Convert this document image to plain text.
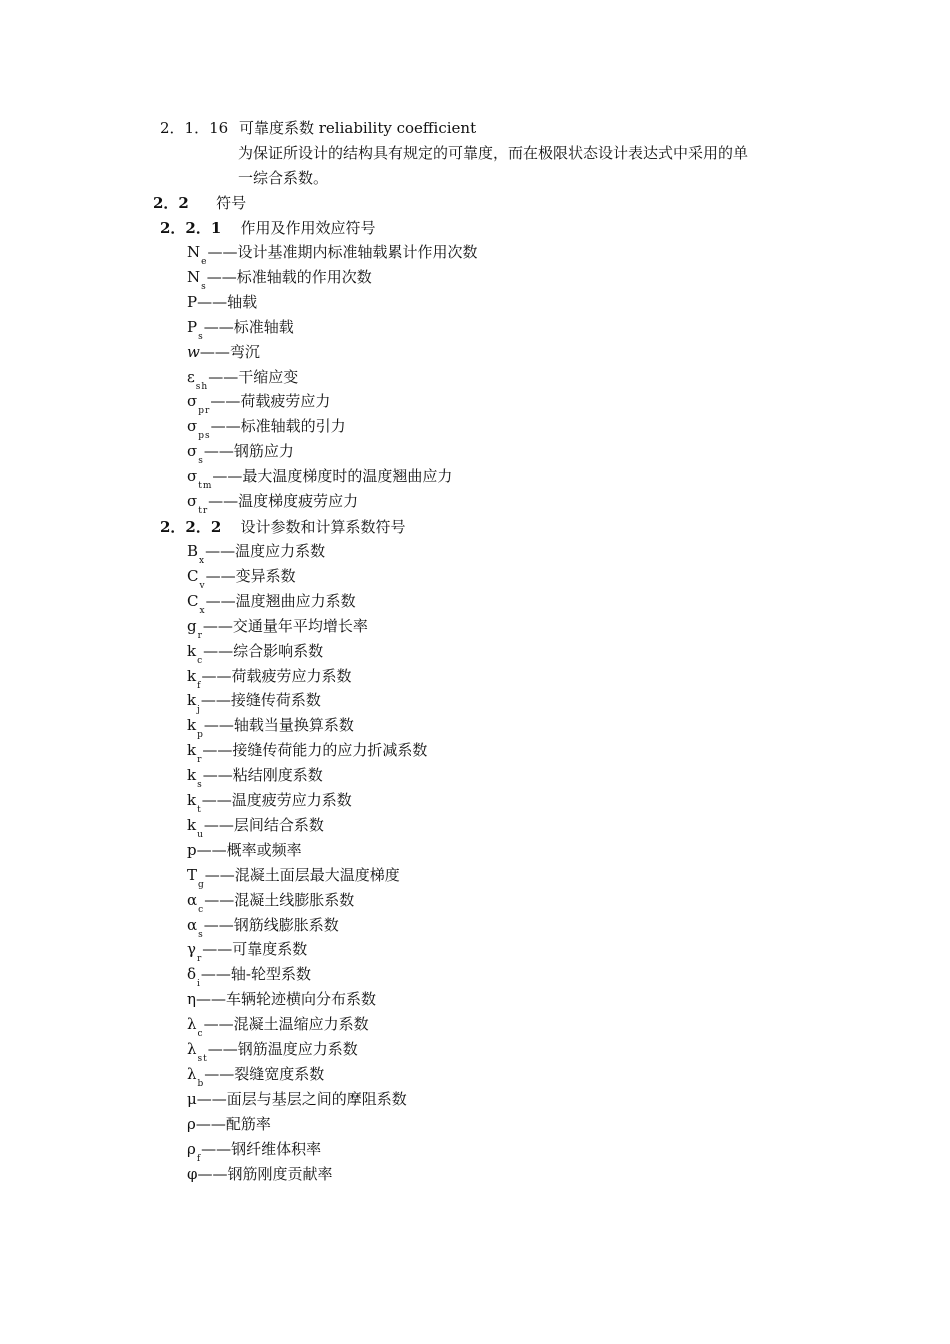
2．1．16 可靠度系数 reliability coefficient
为保证所设计的结构具有规定的可靠度，而在极限状态设计表达式中采用的单
一综合系数。
2．2 符号
2．2．1 作用及作用效应符号
$N_e——$设计基准期内标准轴载累计作用次数
$N_s——$标准轴载的作用次数
P——轴载
$P_s——$标准轴载
w——弯沉
$\varepsilon_{sh}——$干缩应变
$\sigma_{pr}——$荷载疲劳应力
$\sigma_{ps}——$标准轴载的引力
$\sigma_s——$钢筋应力
$\sigma_{tm}——$最大温度梯度时的温度翘曲应力
$\sigma_{tr}——$温度梯度疲劳应力
2．2．2 设计参数和计算系数符号
$B_x——$温度应力系数
$C_v——$变异系数
$C_x——$温度翘曲应力系数
$g_r——$交通量年平均增长率
$k_c——$综合影响系数
$k_f——$荷载疲劳应力系数
$k_j——$接缝传荷系数
$k_p——$轴载当量换算系数
$k_r——$接缝传荷能力的应力折减系数
$k_s——$粘结刚度系数
$k_t——$温度疲劳应力系数
$k_u——$层间结合系数
p——概率或频率
$T_g——$混凝土面层最大温度梯度
$\alpha_c——$混凝土线膨胀系数
$\alpha_s——$钢筋线膨胀系数
$\gamma_r——$可靠度系数
$\delta_i——$轴-轮型系数
η——车辆轮迹横向分布系数
$\lambda_c——$混凝土温缩应力系数
$\lambda_{st}——$钢筋温度应力系数
$\lambda_b——$裂缝宽度系数
μ——面层与基层之间的摩阻系数
ρ——配筋率
$\rho_f——$钢纤维体积率
φ——钢筋刚度贡献率
